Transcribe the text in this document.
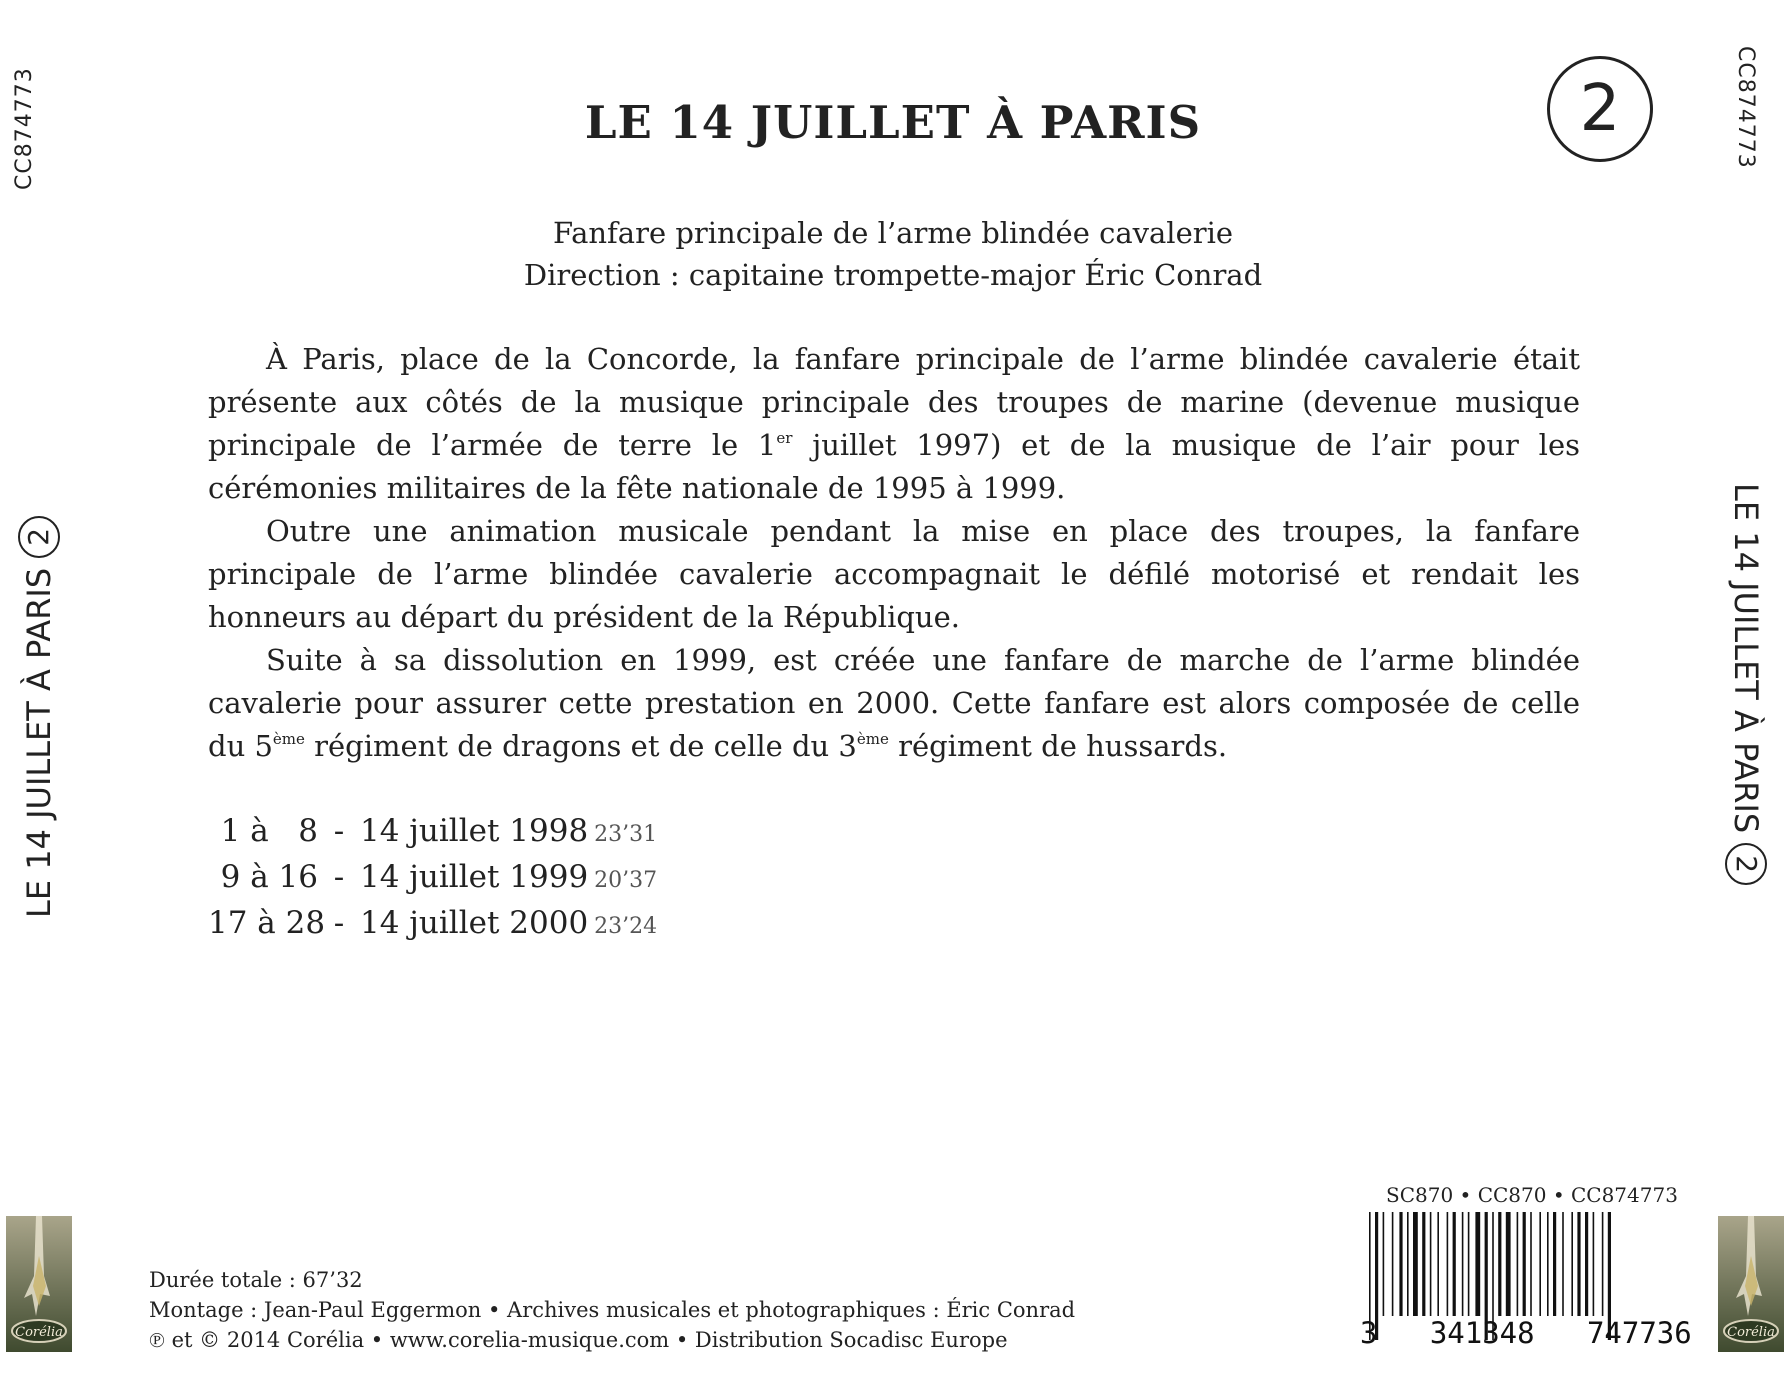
CC874773
LE 14 JUILLET À PARIS
2
CC874773
LE 14 JUILLET À PARIS
2
LE 14 JUILLET À PARIS	2
Fanfare principale de l’arme blindée cavalerie
Direction : capitaine trompette-major Éric Conrad

À Paris, place de la Concorde, la fanfare principale de l’arme blindée cavalerie était présente aux côtés de la musique principale des troupes de marine (devenue musique principale de l’armée de terre le 1er juillet 1997) et de la musique de l’air pour les cérémonies militaires de la fête nationale de 1995 à 1999.

Outre une animation musicale pendant la mise en place des troupes, la fanfare principale de l’arme blindée cavalerie accompagnait le défilé motorisé et rendait les honneurs au départ du président de la République.

Suite à sa dissolution en 1999, est créée une fanfare de marche de l’arme blindée cavalerie pour assurer cette prestation en 2000. Cette fanfare est alors composée de celle du 5ème régiment de dragons et de celle du 3ème régiment de hussards.

1 à   8 - 14 juillet 1998 23’31
9 à 16 - 14 juillet 1999 20’37
17 à 28 - 14 juillet 2000 23’24
Durée totale : 67’32
Montage : Jean-Paul Eggermon • Archives musicales et photographiques : Éric Conrad
℗ et © 2014 Corélia • www.corelia-musique.com • Distribution Socadisc Europe
SC870 • CC870 • CC874773
3   341348   747736
Corélia	Corélia
